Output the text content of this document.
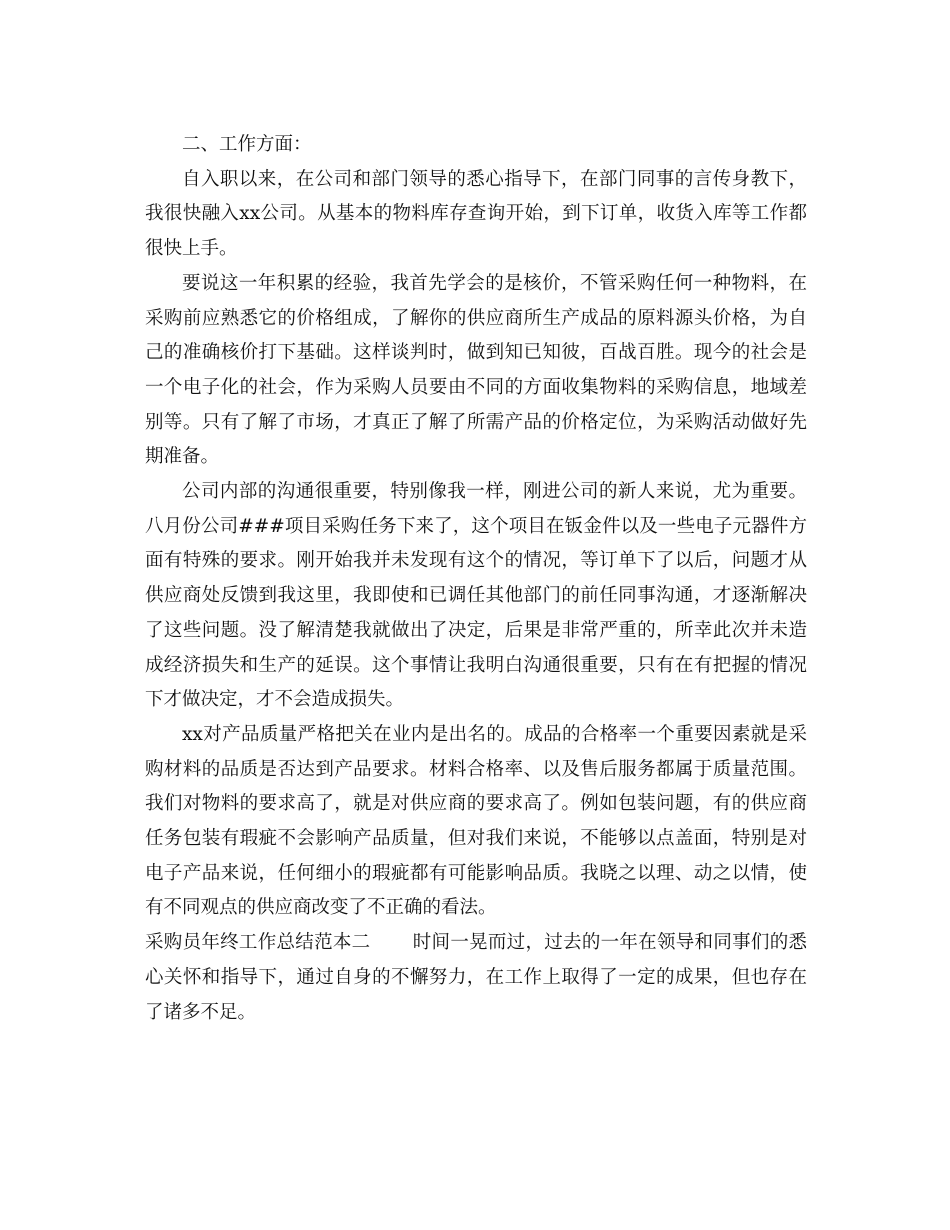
二、工作方面：

自入职以来，在公司和部门领导的悉心指导下，在部门同事的言传身教下，我很快融入xx公司。从基本的物料库存查询开始，到下订单，收货入库等工作都很快上手。

要说这一年积累的经验，我首先学会的是核价，不管采购任何一种物料，在采购前应熟悉它的价格组成，了解你的供应商所生产成品的原料源头价格，为自己的准确核价打下基础。这样谈判时，做到知已知彼，百战百胜。现今的社会是一个电子化的社会，作为采购人员要由不同的方面收集物料的采购信息，地域差别等。只有了解了市场，才真正了解了所需产品的价格定位，为采购活动做好先期准备。

公司内部的沟通很重要，特别像我一样，刚进公司的新人来说，尤为重要。八月份公司###项目采购任务下来了，这个项目在钣金件以及一些电子元器件方面有特殊的要求。刚开始我并未发现有这个的情况，等订单下了以后，问题才从供应商处反馈到我这里，我即使和已调任其他部门的前任同事沟通，才逐渐解决了这些问题。没了解清楚我就做出了决定，后果是非常严重的，所幸此次并未造成经济损失和生产的延误。这个事情让我明白沟通很重要，只有在有把握的情况下才做决定，才不会造成损失。

xx对产品质量严格把关在业内是出名的。成品的合格率一个重要因素就是采购材料的品质是否达到产品要求。材料合格率、以及售后服务都属于质量范围。我们对物料的要求高了，就是对供应商的要求高了。例如包装问题，有的供应商任务包装有瑕疵不会影响产品质量，但对我们来说，不能够以点盖面，特别是对电子产品来说，任何细小的瑕疵都有可能影响品质。我晓之以理、动之以情，使有不同观点的供应商改变了不正确的看法。

采购员年终工作总结范本二 时间一晃而过，过去的一年在领导和同事们的悉心关怀和指导下，通过自身的不懈努力，在工作上取得了一定的成果，但也存在了诸多不足。
